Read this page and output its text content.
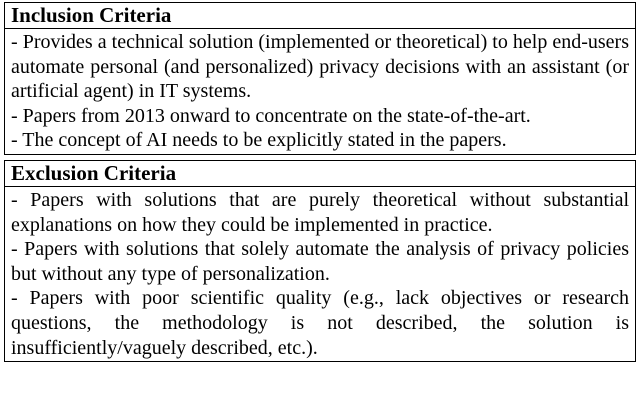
Inclusion Criteria

- Provides a technical solution (implemented or theoretical) to help end-users automate personal (and personalized) privacy decisions with an assistant (or artificial agent) in IT systems.
- Papers from 2013 onward to concentrate on the state-of-the-art.
- The concept of AI needs to be explicitly stated in the papers.

Exclusion Criteria

- Papers with solutions that are purely theoretical without substantial explanations on how they could be implemented in practice.
- Papers with solutions that solely automate the analysis of privacy policies but without any type of personalization.
- Papers with poor scientific quality (e.g., lack objectives or research questions, the methodology is not described, the solution is insufficiently/vaguely described, etc.).
